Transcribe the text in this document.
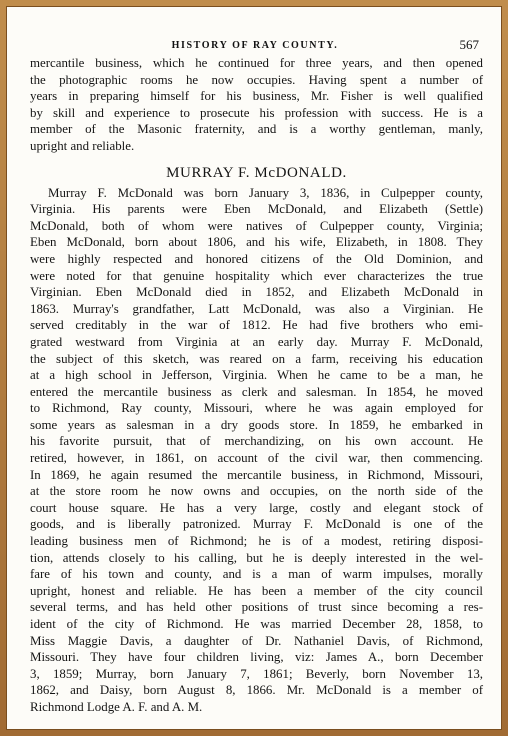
HISTORY OF RAY COUNTY.	567
mercantile business, which he continued for three years, and then opened
the photographic rooms he now occupies. Having spent a number of
years in preparing himself for his business, Mr. Fisher is well qualified
by skill and experience to prosecute his profession with success. He is a
member of the Masonic fraternity, and is a worthy gentleman, manly,
upright and reliable.
MURRAY F. McDONALD.
Murray F. McDonald was born January 3, 1836, in Culpepper county,
Virginia. His parents were Eben McDonald, and Elizabeth (Settle)
McDonald, both of whom were natives of Culpepper county, Virginia;
Eben McDonald, born about 1806, and his wife, Elizabeth, in 1808. They
were highly respected and honored citizens of the Old Dominion, and
were noted for that genuine hospitality which ever characterizes the true
Virginian. Eben McDonald died in 1852, and Elizabeth McDonald in
1863. Murray's grandfather, Latt McDonald, was also a Virginian. He
served creditably in the war of 1812. He had five brothers who emi-
grated westward from Virginia at an early day. Murray F. McDonald,
the subject of this sketch, was reared on a farm, receiving his education
at a high school in Jefferson, Virginia. When he came to be a man, he
entered the mercantile business as clerk and salesman. In 1854, he moved
to Richmond, Ray county, Missouri, where he was again employed for
some years as salesman in a dry goods store. In 1859, he embarked in
his favorite pursuit, that of merchandizing, on his own account. He
retired, however, in 1861, on account of the civil war, then commencing.
In 1869, he again resumed the mercantile business, in Richmond, Missouri,
at the store room he now owns and occupies, on the north side of the
court house square. He has a very large, costly and elegant stock of
goods, and is liberally patronized. Murray F. McDonald is one of the
leading business men of Richmond; he is of a modest, retiring disposi-
tion, attends closely to his calling, but he is deeply interested in the wel-
fare of his town and county, and is a man of warm impulses, morally
upright, honest and reliable. He has been a member of the city council
several terms, and has held other positions of trust since becoming a res-
ident of the city of Richmond. He was married December 28, 1858, to
Miss Maggie Davis, a daughter of Dr. Nathaniel Davis, of Richmond,
Missouri. They have four children living, viz: James A., born December
3, 1859; Murray, born January 7, 1861; Beverly, born November 13,
1862, and Daisy, born August 8, 1866. Mr. McDonald is a member of
Richmond Lodge A. F. and A. M.
